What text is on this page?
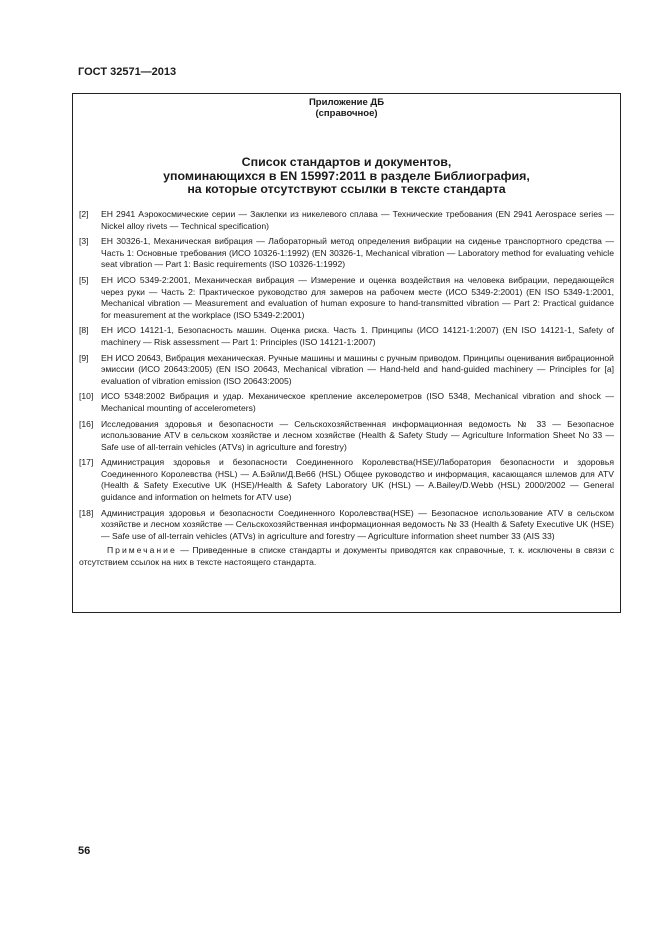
ГОСТ 32571—2013
Приложение ДБ
(справочное)
Список стандартов и документов,
упоминающихся в EN 15997:2011 в разделе Библиография,
на которые отсутствуют ссылки в тексте стандарта
[2]	ЕН 2941 Аэрокосмические серии — Заклепки из никелевого сплава — Технические требования (EN 2941 Aerospace series — Nickel alloy rivets — Technical specification)
[3]	ЕН 30326-1, Механическая вибрация — Лабораторный метод определения вибрации на сиденье транспортного средства — Часть 1: Основные требования (ИСО 10326-1:1992) (EN 30326-1, Mechanical vibration — Laboratory method for evaluating vehicle seat vibration — Part 1: Basic requirements (ISO 10326-1:1992)
[5]	ЕН ИСО 5349-2:2001, Механическая вибрация — Измерение и оценка воздействия на человека вибрации, передающейся через руки — Часть 2: Практическое руководство для замеров на рабочем месте (ИСО 5349-2:2001) (EN ISO 5349-1:2001, Mechanical vibration — Measurement and evaluation of human exposure to hand-transmitted vibration — Part 2: Practical guidance for measurement at the workplace (ISO 5349-2:2001)
[8]	ЕН ИСО 14121-1, Безопасность машин. Оценка риска. Часть 1. Принципы (ИСО 14121-1:2007) (EN ISO 14121-1, Safety of machinery — Risk assessment — Part 1: Principles (ISO 14121-1:2007)
[9]	ЕН ИСО 20643, Вибрация механическая. Ручные машины и машины с ручным приводом. Принципы оценивания вибрационной эмиссии (ИСО 20643:2005) (EN ISO 20643, Mechanical vibration — Hand-held and hand-guided machinery — Principles for [a] evaluation of vibration emission (ISO 20643:2005)
[10] ИСО 5348:2002 Вибрация и удар. Механическое крепление акселерометров (ISO 5348, Mechanical vibration and shock — Mechanical mounting of accelerometers)
[16] Исследования здоровья и безопасности — Сельскохозяйственная информационная ведомость № 33 — Безопасное использование ATV в сельском хозяйстве и лесном хозяйстве (Health & Safety Study — Agriculture Information Sheet No 33 — Safe use of all-terrain vehicles (ATVs) in agriculture and forestry)
[17] Администрация здоровья и безопасности Соединенного Королевства(HSE)/Лаборатория безопасности и здоровья Соединенного Королевства (HSL) — А.Бэйли/Д.Ве66 (HSL) Общее руководство и информация, касающаяся шлемов для ATV (Health & Safety Executive UK (HSE)/Health & Safety Laboratory UK (HSL) — A.Bailey/D.Webb (HSL) 2000/2002 — General guidance and information on helmets for ATV use)
[18] Администрация здоровья и безопасности Соединенного Королевства(HSE) — Безопасное использование ATV в сельском хозяйстве и лесном хозяйстве — Сельскохозяйственная информационная ведомость № 33 (Health & Safety Executive UK (HSE) — Safe use of all-terrain vehicles (ATVs) in agriculture and forestry — Agriculture information sheet number 33 (AIS 33)
Примечание — Приведенные в списке стандарты и документы приводятся как справочные, т. к. исключены в связи с отсутствием ссылок на них в тексте настоящего стандарта.
56
